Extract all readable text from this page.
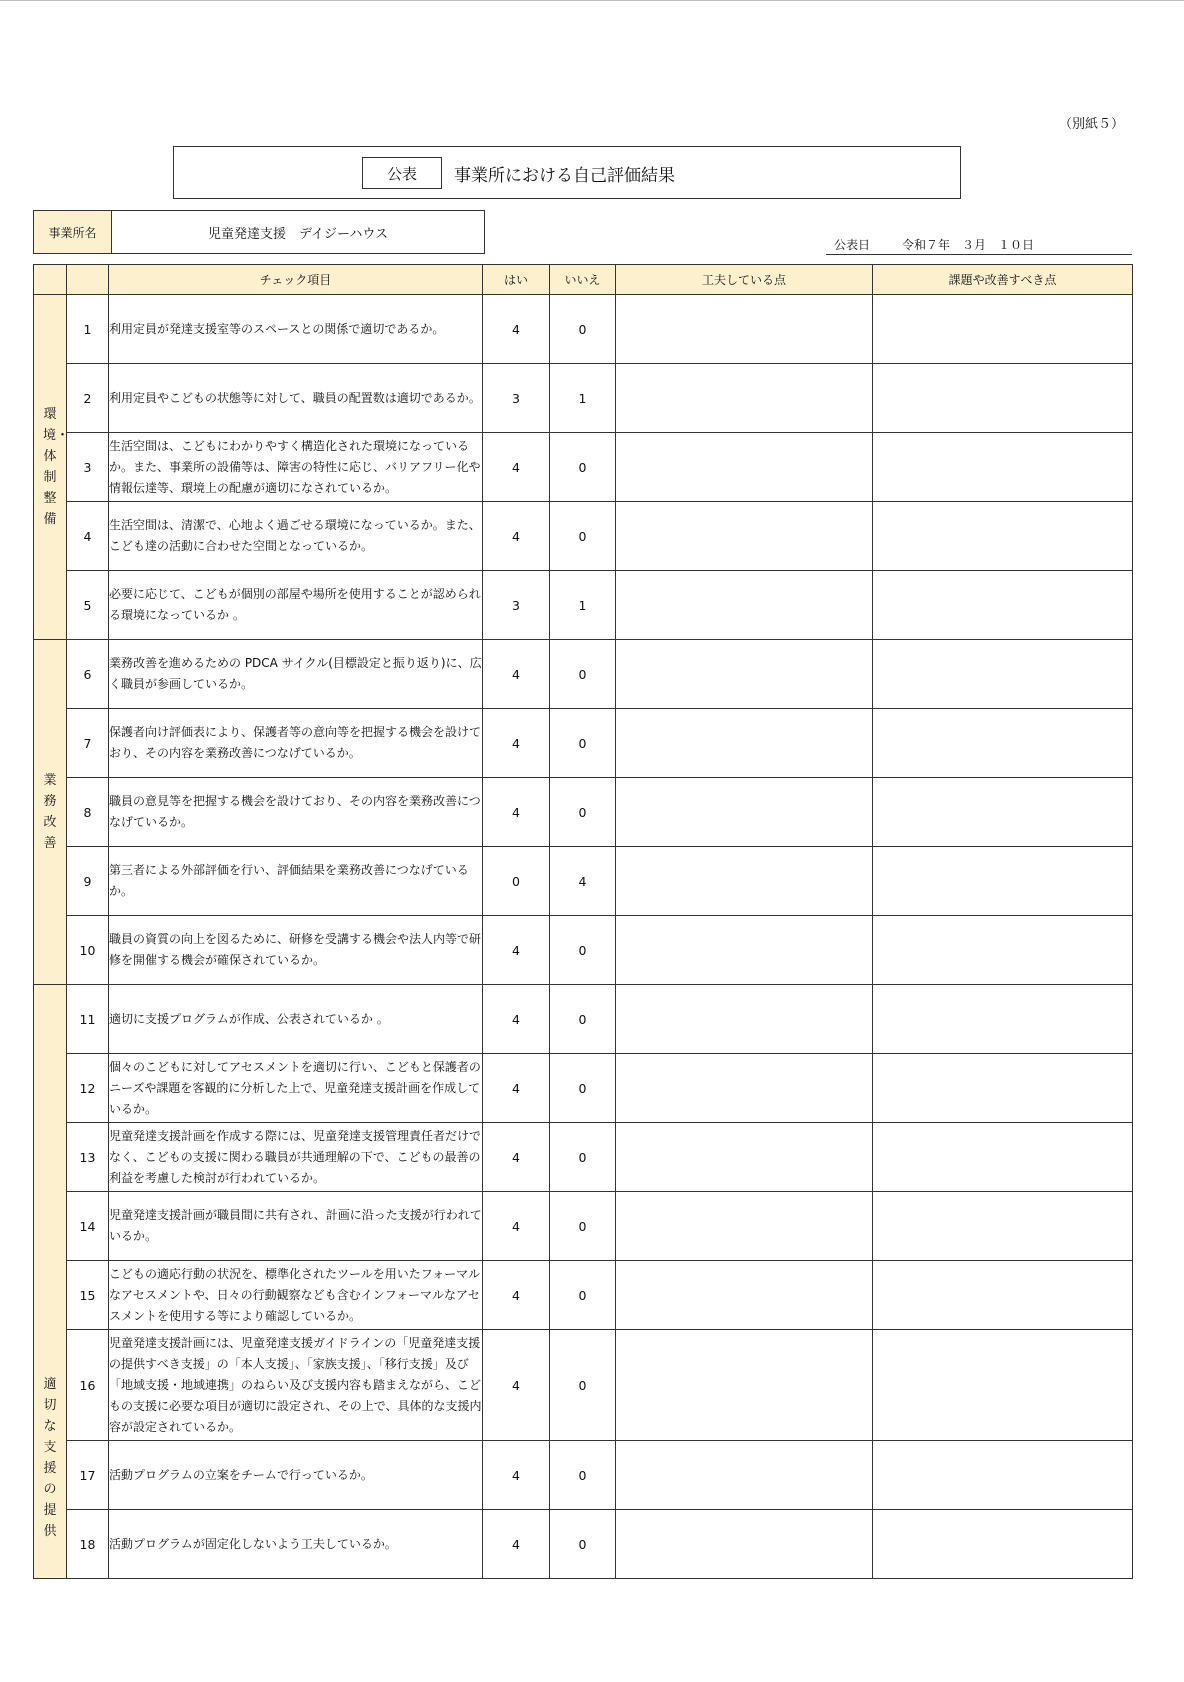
（別紙５）
公表	事業所における自己評価結果
事業所名	児童発達支援　デイジーハウス
公表日	令和７年　３月　１０日
		チェック項目	はい	いいえ	工夫している点	課題や改善すべき点

環境・体制整備	1	利用定員が発達支援室等のスペースとの関係で適切であるか。	4	0		
	2	利用定員やこどもの状態等に対して、職員の配置数は適切であるか。	3	1		
	3	生活空間は、こどもにわかりやすく構造化された環境になっているか。また、事業所の設備等は、障害の特性に応じ、バリアフリー化や情報伝達等、環境上の配慮が適切になされているか。	4	0		
	4	生活空間は、清潔で、心地よく過ごせる環境になっているか。また、こども達の活動に合わせた空間となっているか。	4	0		
	5	必要に応じて、こどもが個別の部屋や場所を使用することが認められる環境になっているか 。	3	1		

業務改善	6	業務改善を進めるための PDCA サイクル(目標設定と振り返り)に、広く職員が参画しているか。	4	0		
	7	保護者向け評価表により、保護者等の意向等を把握する機会を設けており、その内容を業務改善につなげているか。	4	0		
	8	職員の意見等を把握する機会を設けており、その内容を業務改善につなげているか。	4	0		
	9	第三者による外部評価を行い、評価結果を業務改善につなげているか。	0	4		
	10	職員の資質の向上を図るために、研修を受講する機会や法人内等で研修を開催する機会が確保されているか。	4	0		

適切な支援の提供	11	適切に支援プログラムが作成、公表されているか 。	4	0		
	12	個々のこどもに対してアセスメントを適切に行い、こどもと保護者のニーズや課題を客観的に分析した上で、児童発達支援計画を作成しているか。	4	0		
	13	児童発達支援計画を作成する際には、児童発達支援管理責任者だけでなく、こどもの支援に関わる職員が共通理解の下で、こどもの最善の利益を考慮した検討が行われているか。	4	0		
	14	児童発達支援計画が職員間に共有され、計画に沿った支援が行われているか。	4	0		
	15	こどもの適応行動の状況を、標準化されたツールを用いたフォーマルなアセスメントや、日々の行動観察なども含むインフォーマルなアセスメントを使用する等により確認しているか。	4	0		
	16	児童発達支援計画には、児童発達支援ガイドラインの「児童発達支援の提供すべき支援」の「本人支援」、「家族支援」、「移行支援」及び「地域支援・地域連携」のねらい及び支援内容も踏まえながら、こどもの支援に必要な項目が適切に設定され、その上で、具体的な支援内容が設定されているか。	4	0		
	17	活動プログラムの立案をチームで行っているか。	4	0		
	18	活動プログラムが固定化しないよう工夫しているか。	4	0		
